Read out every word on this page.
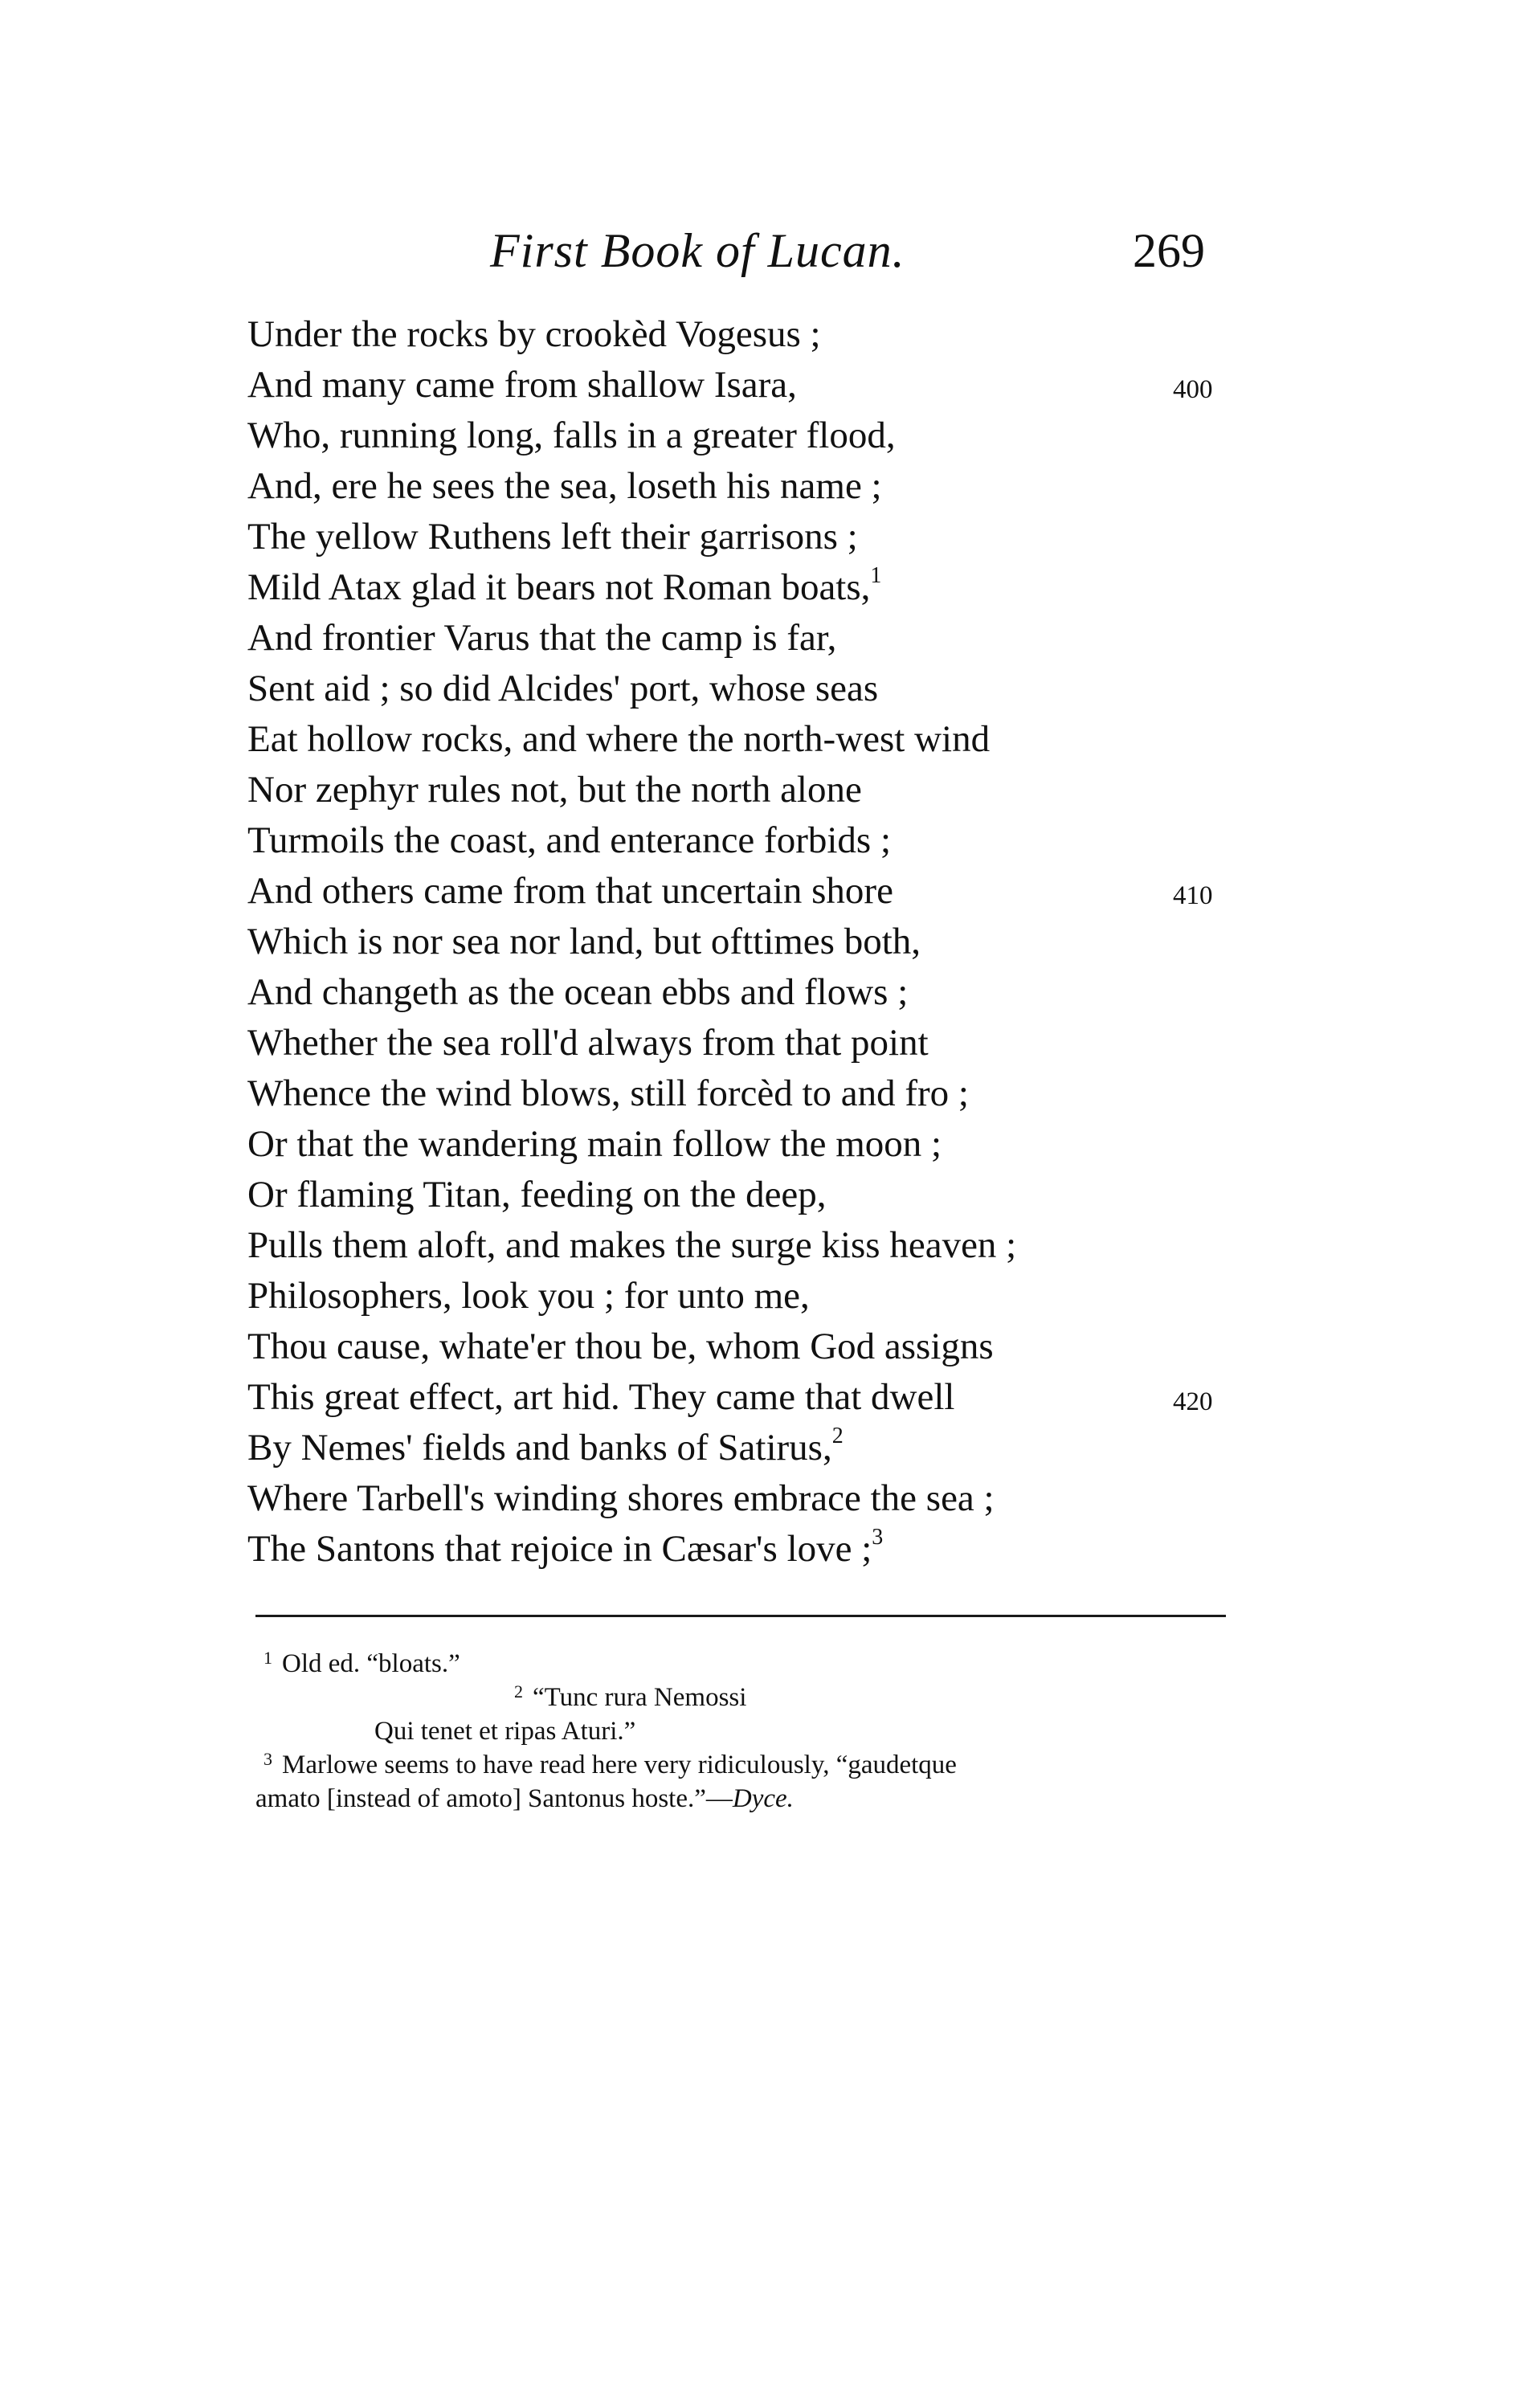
First Book of Lucan.	269
Under the rocks by crookèd Vogesus ;
And many came from shallow Isara,	400
Who, running long, falls in a greater flood,
And, ere he sees the sea, loseth his name ;
The yellow Ruthens left their garrisons ;
Mild Atax glad it bears not Roman boats,$^1$
And frontier Varus that the camp is far,
Sent aid ; so did Alcides' port, whose seas
Eat hollow rocks, and where the north-west wind
Nor zephyr rules not, but the north alone
Turmoils the coast, and enterance forbids ;
And others came from that uncertain shore	410
Which is nor sea nor land, but ofttimes both,
And changeth as the ocean ebbs and flows ;
Whether the sea roll'd always from that point
Whence the wind blows, still forcèd to and fro ;
Or that the wandering main follow the moon ;
Or flaming Titan, feeding on the deep,
Pulls them aloft, and makes the surge kiss heaven ;
Philosophers, look you ; for unto me,
Thou cause, whate'er thou be, whom God assigns
This great effect, art hid. They came that dwell	420
By Nemes' fields and banks of Satirus,$^2$
Where Tarbell's winding shores embrace the sea ;
The Santons that rejoice in Cæsar's love ;$^3$
$^1$ Old ed. “bloats.”
$^2$ “Tunc rura Nemossi
Qui tenet et ripas Aturi.”
$^3$ Marlowe seems to have read here very ridiculously, “gaudetque
amato [instead of amoto] Santonus hoste.”—Dyce.
